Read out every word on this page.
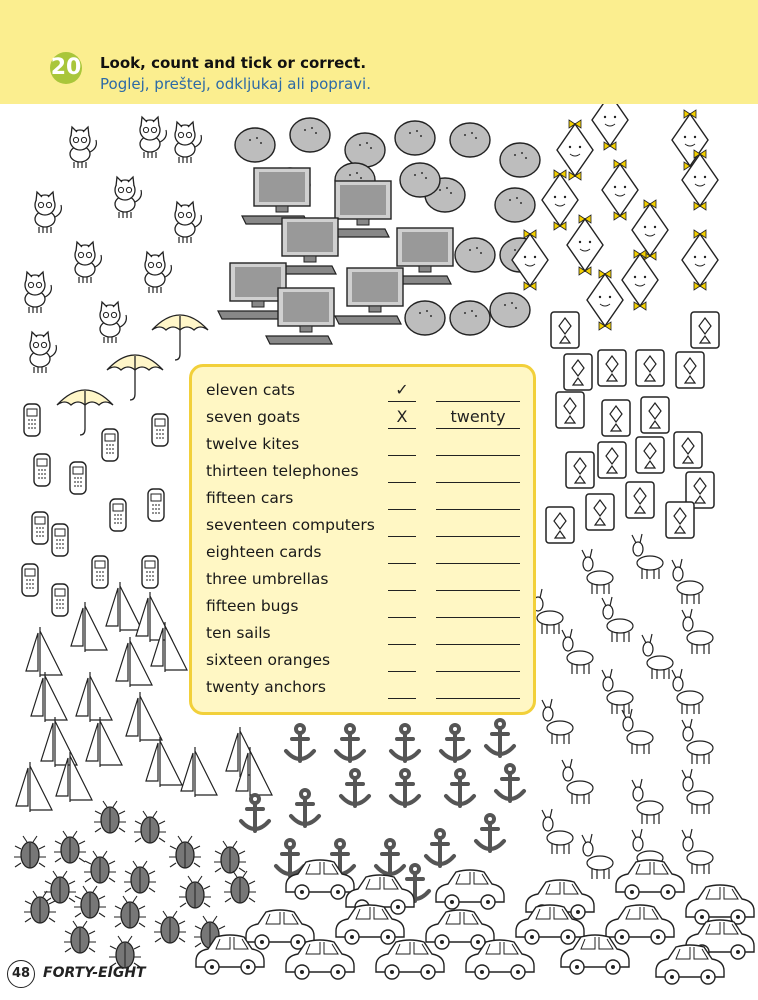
20 Look, count and tick or correct.
Poglej, preštej, odkljukaj ali popravi.
eleven cats	✓
seven goats	X	twenty
twelve kites
thirteen telephones
fifteen cars
seventeen computers
eighteen cards
three umbrellas
fifteen bugs
ten sails
sixteen oranges
twenty anchors
48 FORTY-EIGHT
